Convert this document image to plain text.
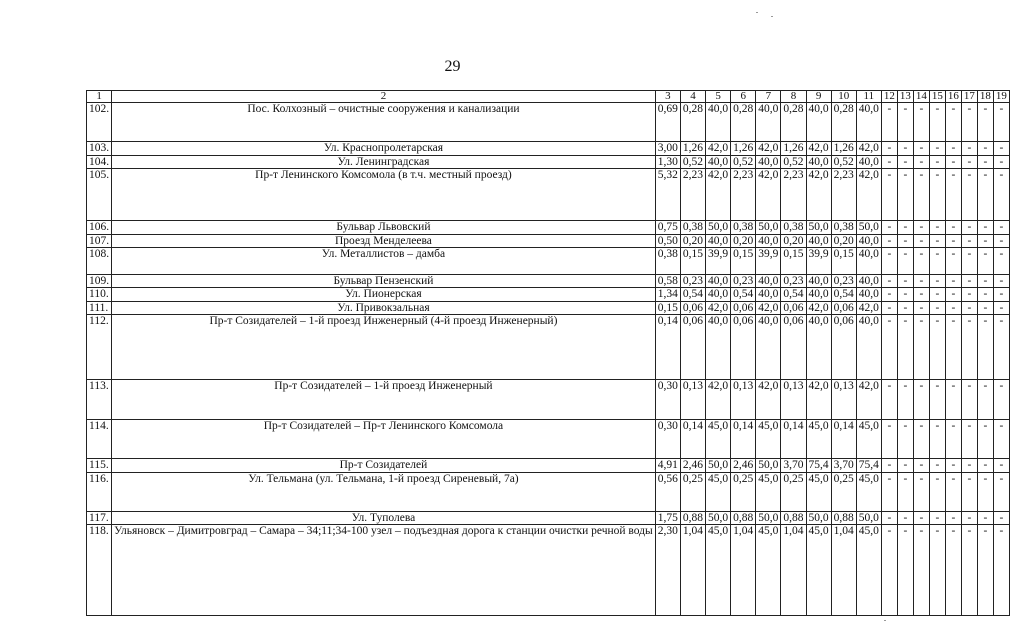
29
1	2	3	4	5	6	7	8	9	10	11	12	13	14	15	16	17	18	19
102.	Пос. Колхозный – очистные сооружения и канализации	0,69	0,28	40,0	0,28	40,0	0,28	40,0	0,28	40,0	-	-	-	-	-	-	-	-
103.	Ул. Краснопролетарская	3,00	1,26	42,0	1,26	42,0	1,26	42,0	1,26	42,0	-	-	-	-	-	-	-	-
104.	Ул. Ленинградская	1,30	0,52	40,0	0,52	40,0	0,52	40,0	0,52	40,0	-	-	-	-	-	-	-	-
105.	Пр-т Ленинского Комсомола (в т.ч. местный проезд)	5,32	2,23	42,0	2,23	42,0	2,23	42,0	2,23	42,0	-	-	-	-	-	-	-	-
106.	Бульвар Львовский	0,75	0,38	50,0	0,38	50,0	0,38	50,0	0,38	50,0	-	-	-	-	-	-	-	-
107.	Проезд Менделеева	0,50	0,20	40,0	0,20	40,0	0,20	40,0	0,20	40,0	-	-	-	-	-	-	-	-
108.	Ул. Металлистов – дамба	0,38	0,15	39,9	0,15	39,9	0,15	39,9	0,15	40,0	-	-	-	-	-	-	-	-
109.	Бульвар Пензенский	0,58	0,23	40,0	0,23	40,0	0,23	40,0	0,23	40,0	-	-	-	-	-	-	-	-
110.	Ул. Пионерская	1,34	0,54	40,0	0,54	40,0	0,54	40,0	0,54	40,0	-	-	-	-	-	-	-	-
111.	Ул. Привокзальная	0,15	0,06	42,0	0,06	42,0	0,06	42,0	0,06	42,0	-	-	-	-	-	-	-	-
112.	Пр-т Созидателей – 1-й проезд Инженерный (4-й проезд Инженерный)	0,14	0,06	40,0	0,06	40,0	0,06	40,0	0,06	40,0	-	-	-	-	-	-	-	-
113.	Пр-т Созидателей – 1-й проезд Инженерный	0,30	0,13	42,0	0,13	42,0	0,13	42,0	0,13	42,0	-	-	-	-	-	-	-	-
114.	Пр-т Созидателей – Пр-т Ленинского Комсомола	0,30	0,14	45,0	0,14	45,0	0,14	45,0	0,14	45,0	-	-	-	-	-	-	-	-
115.	Пр-т Созидателей	4,91	2,46	50,0	2,46	50,0	3,70	75,4	3,70	75,4	-	-	-	-	-	-	-	-
116.	Ул. Тельмана (ул. Тельмана, 1-й проезд Сиреневый, 7а)	0,56	0,25	45,0	0,25	45,0	0,25	45,0	0,25	45,0	-	-	-	-	-	-	-	-
117.	Ул. Туполева	1,75	0,88	50,0	0,88	50,0	0,88	50,0	0,88	50,0	-	-	-	-	-	-	-	-
118.	Ульяновск – Димитровград – Самара – 34;11;34-100 узел – подъездная дорога к станции очистки речной воды	2,30	1,04	45,0	1,04	45,0	1,04	45,0	1,04	45,0	-	-	-	-	-	-	-	-
